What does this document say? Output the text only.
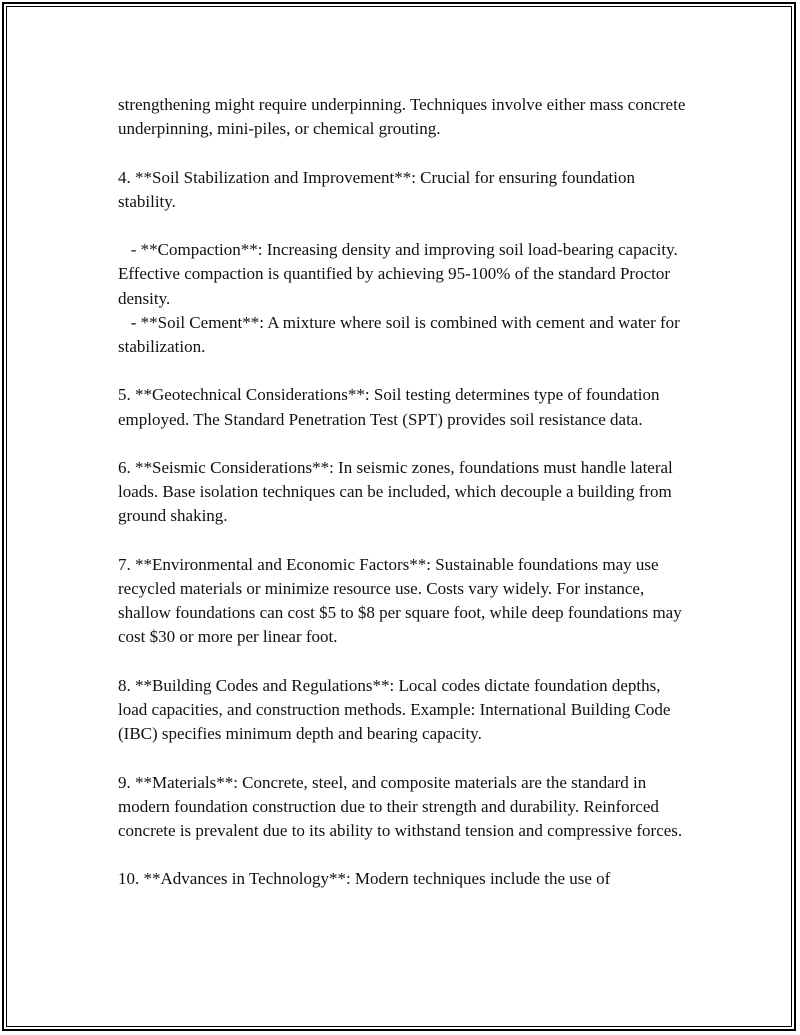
strengthening might require underpinning. Techniques involve either mass concrete underpinning, mini-piles, or chemical grouting.

4. **Soil Stabilization and Improvement**: Crucial for ensuring foundation stability.

- **Compaction**: Increasing density and improving soil load-bearing capacity. Effective compaction is quantified by achieving 95-100% of the standard Proctor density.

- **Soil Cement**: A mixture where soil is combined with cement and water for stabilization.

5. **Geotechnical Considerations**: Soil testing determines type of foundation employed. The Standard Penetration Test (SPT) provides soil resistance data.

6. **Seismic Considerations**: In seismic zones, foundations must handle lateral loads. Base isolation techniques can be included, which decouple a building from ground shaking.

7. **Environmental and Economic Factors**: Sustainable foundations may use recycled materials or minimize resource use. Costs vary widely. For instance, shallow foundations can cost $5 to $8 per square foot, while deep foundations may cost $30 or more per linear foot.

8. **Building Codes and Regulations**: Local codes dictate foundation depths, load capacities, and construction methods. Example: International Building Code (IBC) specifies minimum depth and bearing capacity.

9. **Materials**: Concrete, steel, and composite materials are the standard in modern foundation construction due to their strength and durability. Reinforced concrete is prevalent due to its ability to withstand tension and compressive forces.

10. **Advances in Technology**: Modern techniques include the use of
